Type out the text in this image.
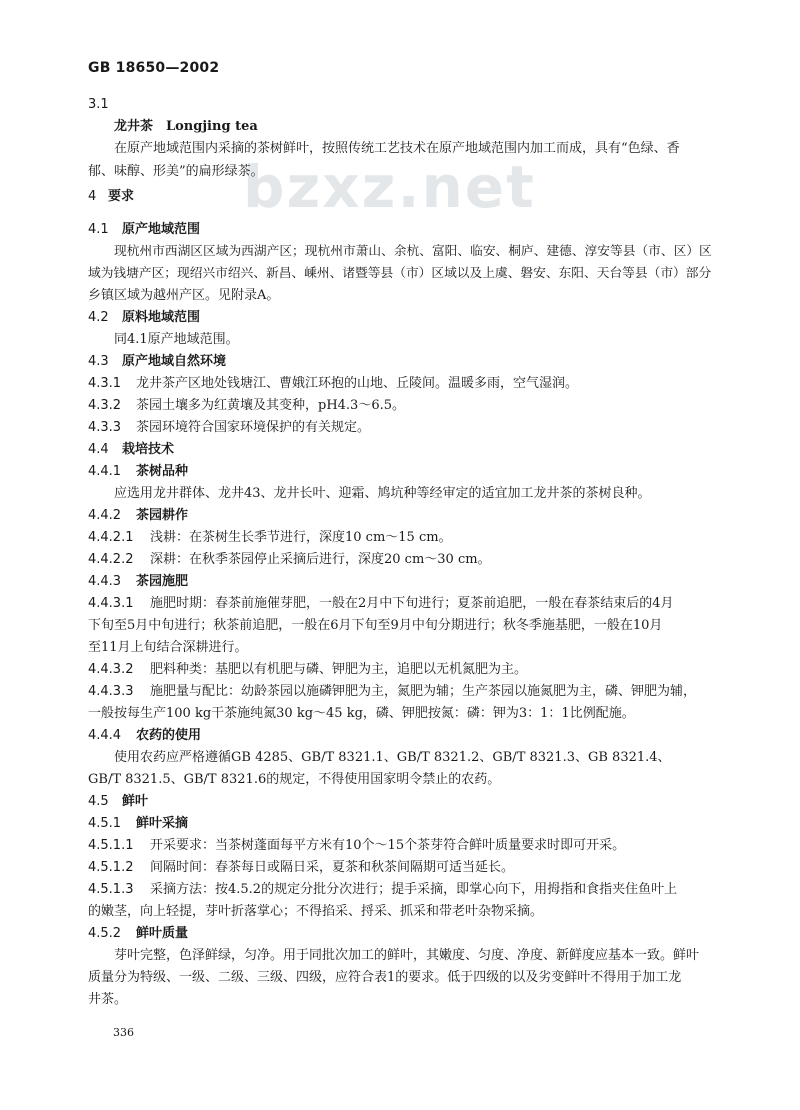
GB 18650—2002
bzxz.net
3.1
龙井茶　Longjing tea
在原产地域范围内采摘的茶树鲜叶，按照传统工艺技术在原产地域范围内加工而成，具有“色绿、香
郁、味醇、形美”的扁形绿茶。
4 要求
4.1 原产地域范围
现杭州市西湖区区域为西湖产区；现杭州市萧山、余杭、富阳、临安、桐庐、建德、淳安等县（市、区）区
域为钱塘产区；现绍兴市绍兴、新昌、嵊州、诸暨等县（市）区域以及上虞、磐安、东阳、天台等县（市）部分
乡镇区域为越州产区。见附录A。
4.2 原料地域范围
同4.1原产地域范围。
4.3 原产地域自然环境
4.3.1 龙井茶产区地处钱塘江、曹娥江环抱的山地、丘陵间。温暖多雨，空气湿润。
4.3.2 茶园土壤多为红黄壤及其变种，pH4.3～6.5。
4.3.3 茶园环境符合国家环境保护的有关规定。
4.4 栽培技术
4.4.1 茶树品种
应选用龙井群体、龙井43、龙井长叶、迎霜、鸠坑种等经审定的适宜加工龙井茶的茶树良种。
4.4.2 茶园耕作
4.4.2.1 浅耕：在茶树生长季节进行，深度10 cm～15 cm。
4.4.2.2 深耕：在秋季茶园停止采摘后进行，深度20 cm～30 cm。
4.4.3 茶园施肥
4.4.3.1 施肥时期：春茶前施催芽肥，一般在2月中下旬进行；夏茶前追肥，一般在春茶结束后的4月
下旬至5月中旬进行；秋茶前追肥，一般在6月下旬至9月中旬分期进行；秋冬季施基肥，一般在10月
至11月上旬结合深耕进行。
4.4.3.2 肥料种类：基肥以有机肥与磷、钾肥为主，追肥以无机氮肥为主。
4.4.3.3 施肥量与配比：幼龄茶园以施磷钾肥为主，氮肥为辅；生产茶园以施氮肥为主，磷、钾肥为辅，
一般按每生产100 kg干茶施纯氮30 kg～45 kg，磷、钾肥按氮：磷：钾为3：1：1比例配施。
4.4.4 农药的使用
使用农药应严格遵循GB 4285、GB/T 8321.1、GB/T 8321.2、GB/T 8321.3、GB 8321.4、
GB/T 8321.5、GB/T 8321.6的规定，不得使用国家明令禁止的农药。
4.5 鲜叶
4.5.1 鲜叶采摘
4.5.1.1 开采要求：当茶树蓬面每平方米有10个～15个茶芽符合鲜叶质量要求时即可开采。
4.5.1.2 间隔时间：春茶每日或隔日采，夏茶和秋茶间隔期可适当延长。
4.5.1.3 采摘方法：按4.5.2的规定分批分次进行；提手采摘，即掌心向下，用拇指和食指夹住鱼叶上
的嫩茎，向上轻提，芽叶折落掌心；不得掐采、捋采、抓采和带老叶杂物采摘。
4.5.2 鲜叶质量
芽叶完整，色泽鲜绿，匀净。用于同批次加工的鲜叶，其嫩度、匀度、净度、新鲜度应基本一致。鲜叶
质量分为特级、一级、二级、三级、四级，应符合表1的要求。低于四级的以及劣变鲜叶不得用于加工龙
井茶。
336
